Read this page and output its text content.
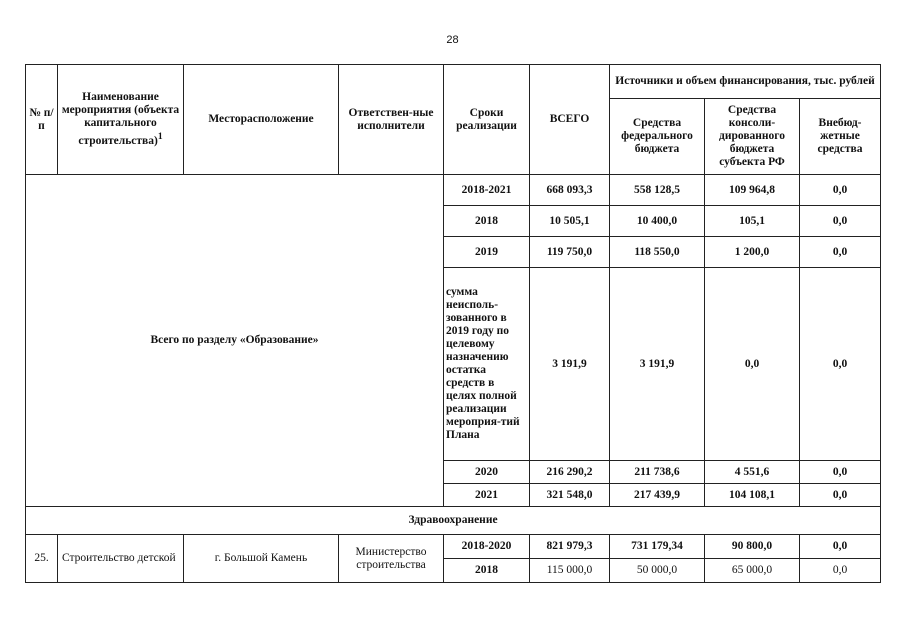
28
№ п/п	Наименование мероприятия (объекта капитального строительства)$^1$	Месторасположение	Ответствен-ные исполнители	Сроки реализации	ВСЕГО	Источники и объем финансирования, тыс. рублей		
						Средства федерального бюджета	Средства консоли-дированного бюджета субъекта РФ	Внебюд-жетные средства
Всего по разделу «Образование»				2018-2021	668 093,3	558 128,5	109 964,8	0,0
				2018	10 505,1	10 400,0	105,1	0,0
				2019	119 750,0	118 550,0	1 200,0	0,0
				сумма неисполь-зованного в 2019 году по целевому назначению остатка средств в целях полной реализации мероприя-тий Плана	3 191,9	3 191,9	0,0	0,0
				2020	216 290,2	211 738,6	4 551,6	0,0
				2021	321 548,0	217 439,9	104 108,1	0,0
Здравоохранение								
25.	Строительство детской	г. Большой Камень	Министерство строительства	2018-2020	821 979,3	731 179,34	90 800,0	0,0
				2018	115 000,0	50 000,0	65 000,0	0,0
